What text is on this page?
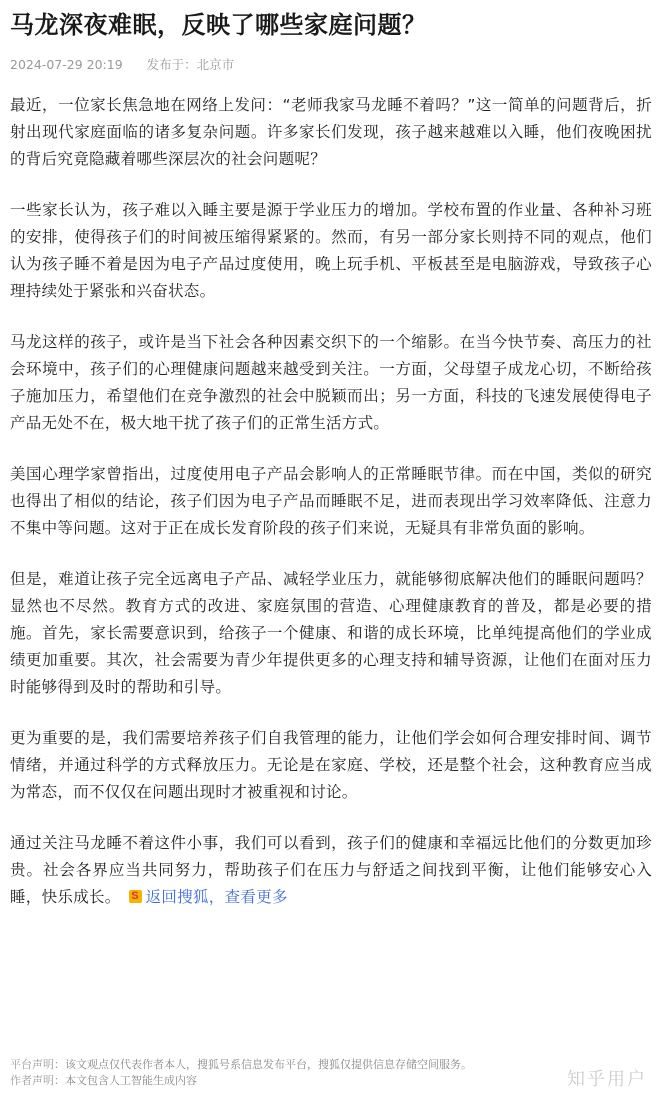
马龙深夜难眠，反映了哪些家庭问题？
2024-07-29 20:19 发布于：北京市

最近，一位家长焦急地在网络上发问：“老师我家马龙睡不着吗？”这一简单的问题背后，折射出现代家庭面临的诸多复杂问题。许多家长们发现，孩子越来越难以入睡，他们夜晚困扰的背后究竟隐藏着哪些深层次的社会问题呢？

一些家长认为，孩子难以入睡主要是源于学业压力的增加。学校布置的作业量、各种补习班的安排，使得孩子们的时间被压缩得紧紧的。然而，有另一部分家长则持不同的观点，他们认为孩子睡不着是因为电子产品过度使用，晚上玩手机、平板甚至是电脑游戏，导致孩子心理持续处于紧张和兴奋状态。

马龙这样的孩子，或许是当下社会各种因素交织下的一个缩影。在当今快节奏、高压力的社会环境中，孩子们的心理健康问题越来越受到关注。一方面，父母望子成龙心切，不断给孩子施加压力，希望他们在竞争激烈的社会中脱颖而出；另一方面，科技的飞速发展使得电子产品无处不在，极大地干扰了孩子们的正常生活方式。

美国心理学家曾指出，过度使用电子产品会影响人的正常睡眠节律。而在中国，类似的研究也得出了相似的结论，孩子们因为电子产品而睡眠不足，进而表现出学习效率降低、注意力不集中等问题。这对于正在成长发育阶段的孩子们来说，无疑具有非常负面的影响。

但是，难道让孩子完全远离电子产品、减轻学业压力，就能够彻底解决他们的睡眠问题吗？显然也不尽然。教育方式的改进、家庭氛围的营造、心理健康教育的普及，都是必要的措施。首先，家长需要意识到，给孩子一个健康、和谐的成长环境，比单纯提高他们的学业成绩更加重要。其次，社会需要为青少年提供更多的心理支持和辅导资源，让他们在面对压力时能够得到及时的帮助和引导。

更为重要的是，我们需要培养孩子们自我管理的能力，让他们学会如何合理安排时间、调节情绪，并通过科学的方式释放压力。无论是在家庭、学校，还是整个社会，这种教育应当成为常态，而不仅仅在问题出现时才被重视和讨论。

通过关注马龙睡不着这件小事，我们可以看到，孩子们的健康和幸福远比他们的分数更加珍贵。社会各界应当共同努力，帮助孩子们在压力与舒适之间找到平衡，让他们能够安心入睡，快乐成长。S 返回搜狐，查看更多

平台声明：该文观点仅代表作者本人，搜狐号系信息发布平台，搜狐仅提供信息存储空间服务。
作者声明：本文包含人工智能生成内容	知乎用户
